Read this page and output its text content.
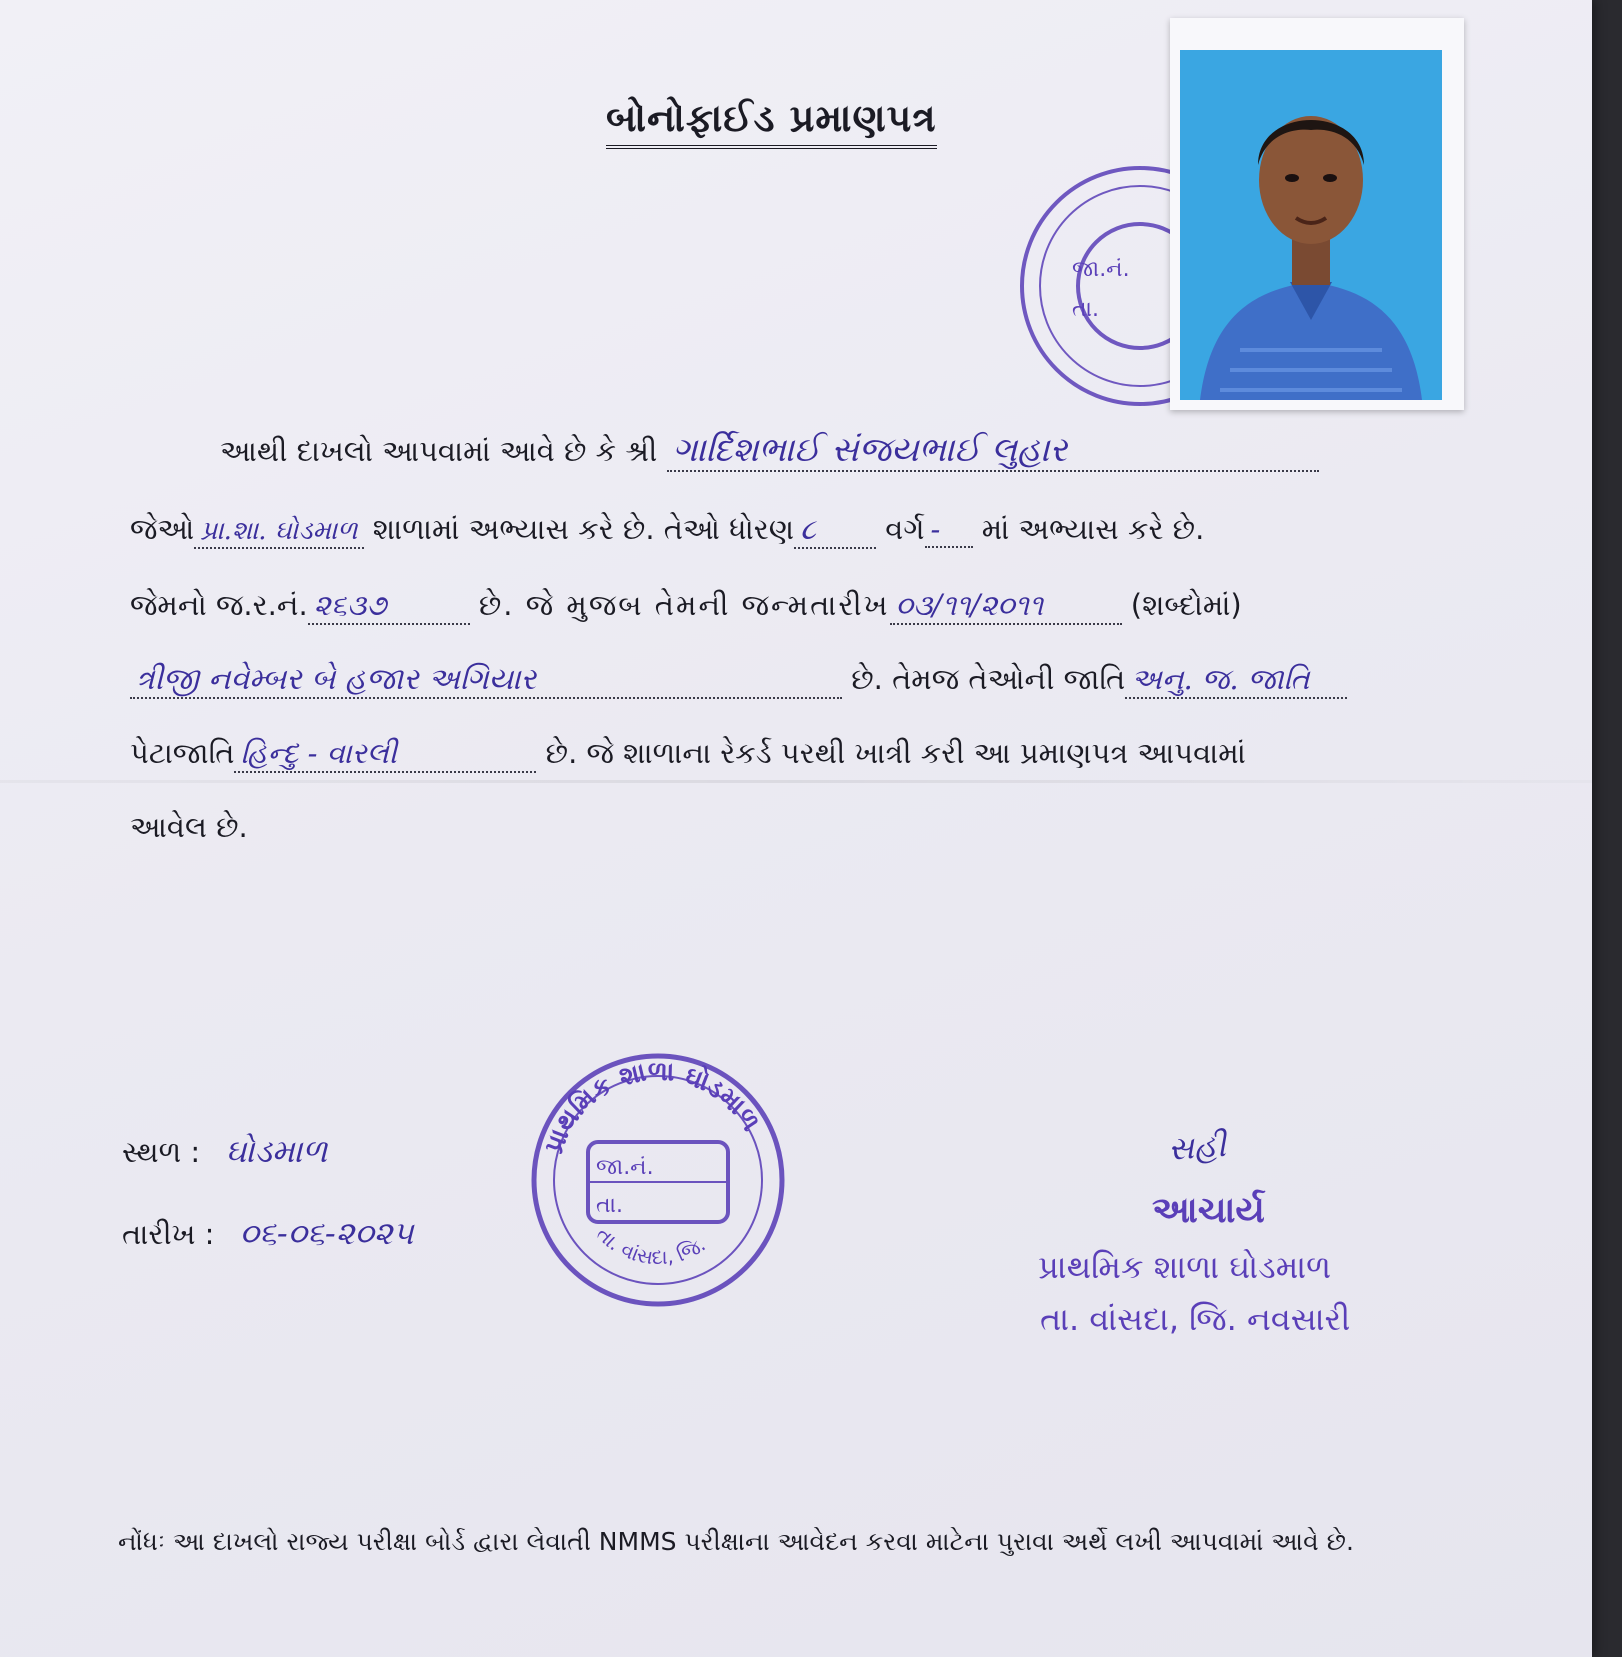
બોનોફાઈડ પ્રમાણપત્ર
જા.નં.
તા.
આથી દાખલો આપવામાં આવે છે કે શ્રી ગાર્દિશભાઈ સંજયભાઈ લુહાર
જેઓ પ્રા.શા. ઘોડમાળ શાળામાં અભ્યાસ કરે છે. તેઓ ધોરણ ૮ વર્ગ - માં અભ્યાસ કરે છે.
જેમનો જ.ર.નં. ૨૬૩૭	છે. જે મુજબ તેમની જન્મતારીખ ૦૩/૧૧/૨૦૧૧	(શબ્દોમાં)
ત્રીજી નવેમ્બર બે હજાર અગિયાર	છે. તેમજ તેઓની જાતિ અનુ. જ. જાતિ
પેટાજાતિ હિન્દુ - વારલી	છે. જે શાળાના રેકર્ડ પરથી ખાત્રી કરી આ પ્રમાણપત્ર આપવામાં
આવેલ છે.
સ્થળ : ઘોડમાળ
તારીખ : ૦૬-૦૬-૨૦૨૫
પ્રાથમિક શાળા ઘોડમાળ
તા. વાંસદા, જિ.
જા.નં.
તા.
સહી
આચાર્ય
પ્રાથમિક શાળા ઘોડમાળ
તા. વાંસદા, જિ. નવસારી
નોંધઃ આ દાખલો રાજ્ય પરીક્ષા બોર્ડ દ્વારા લેવાતી NMMS પરીક્ષાના આવેદન કરવા માટેના પુરાવા અર્થે લખી આપવામાં આવે છે.
